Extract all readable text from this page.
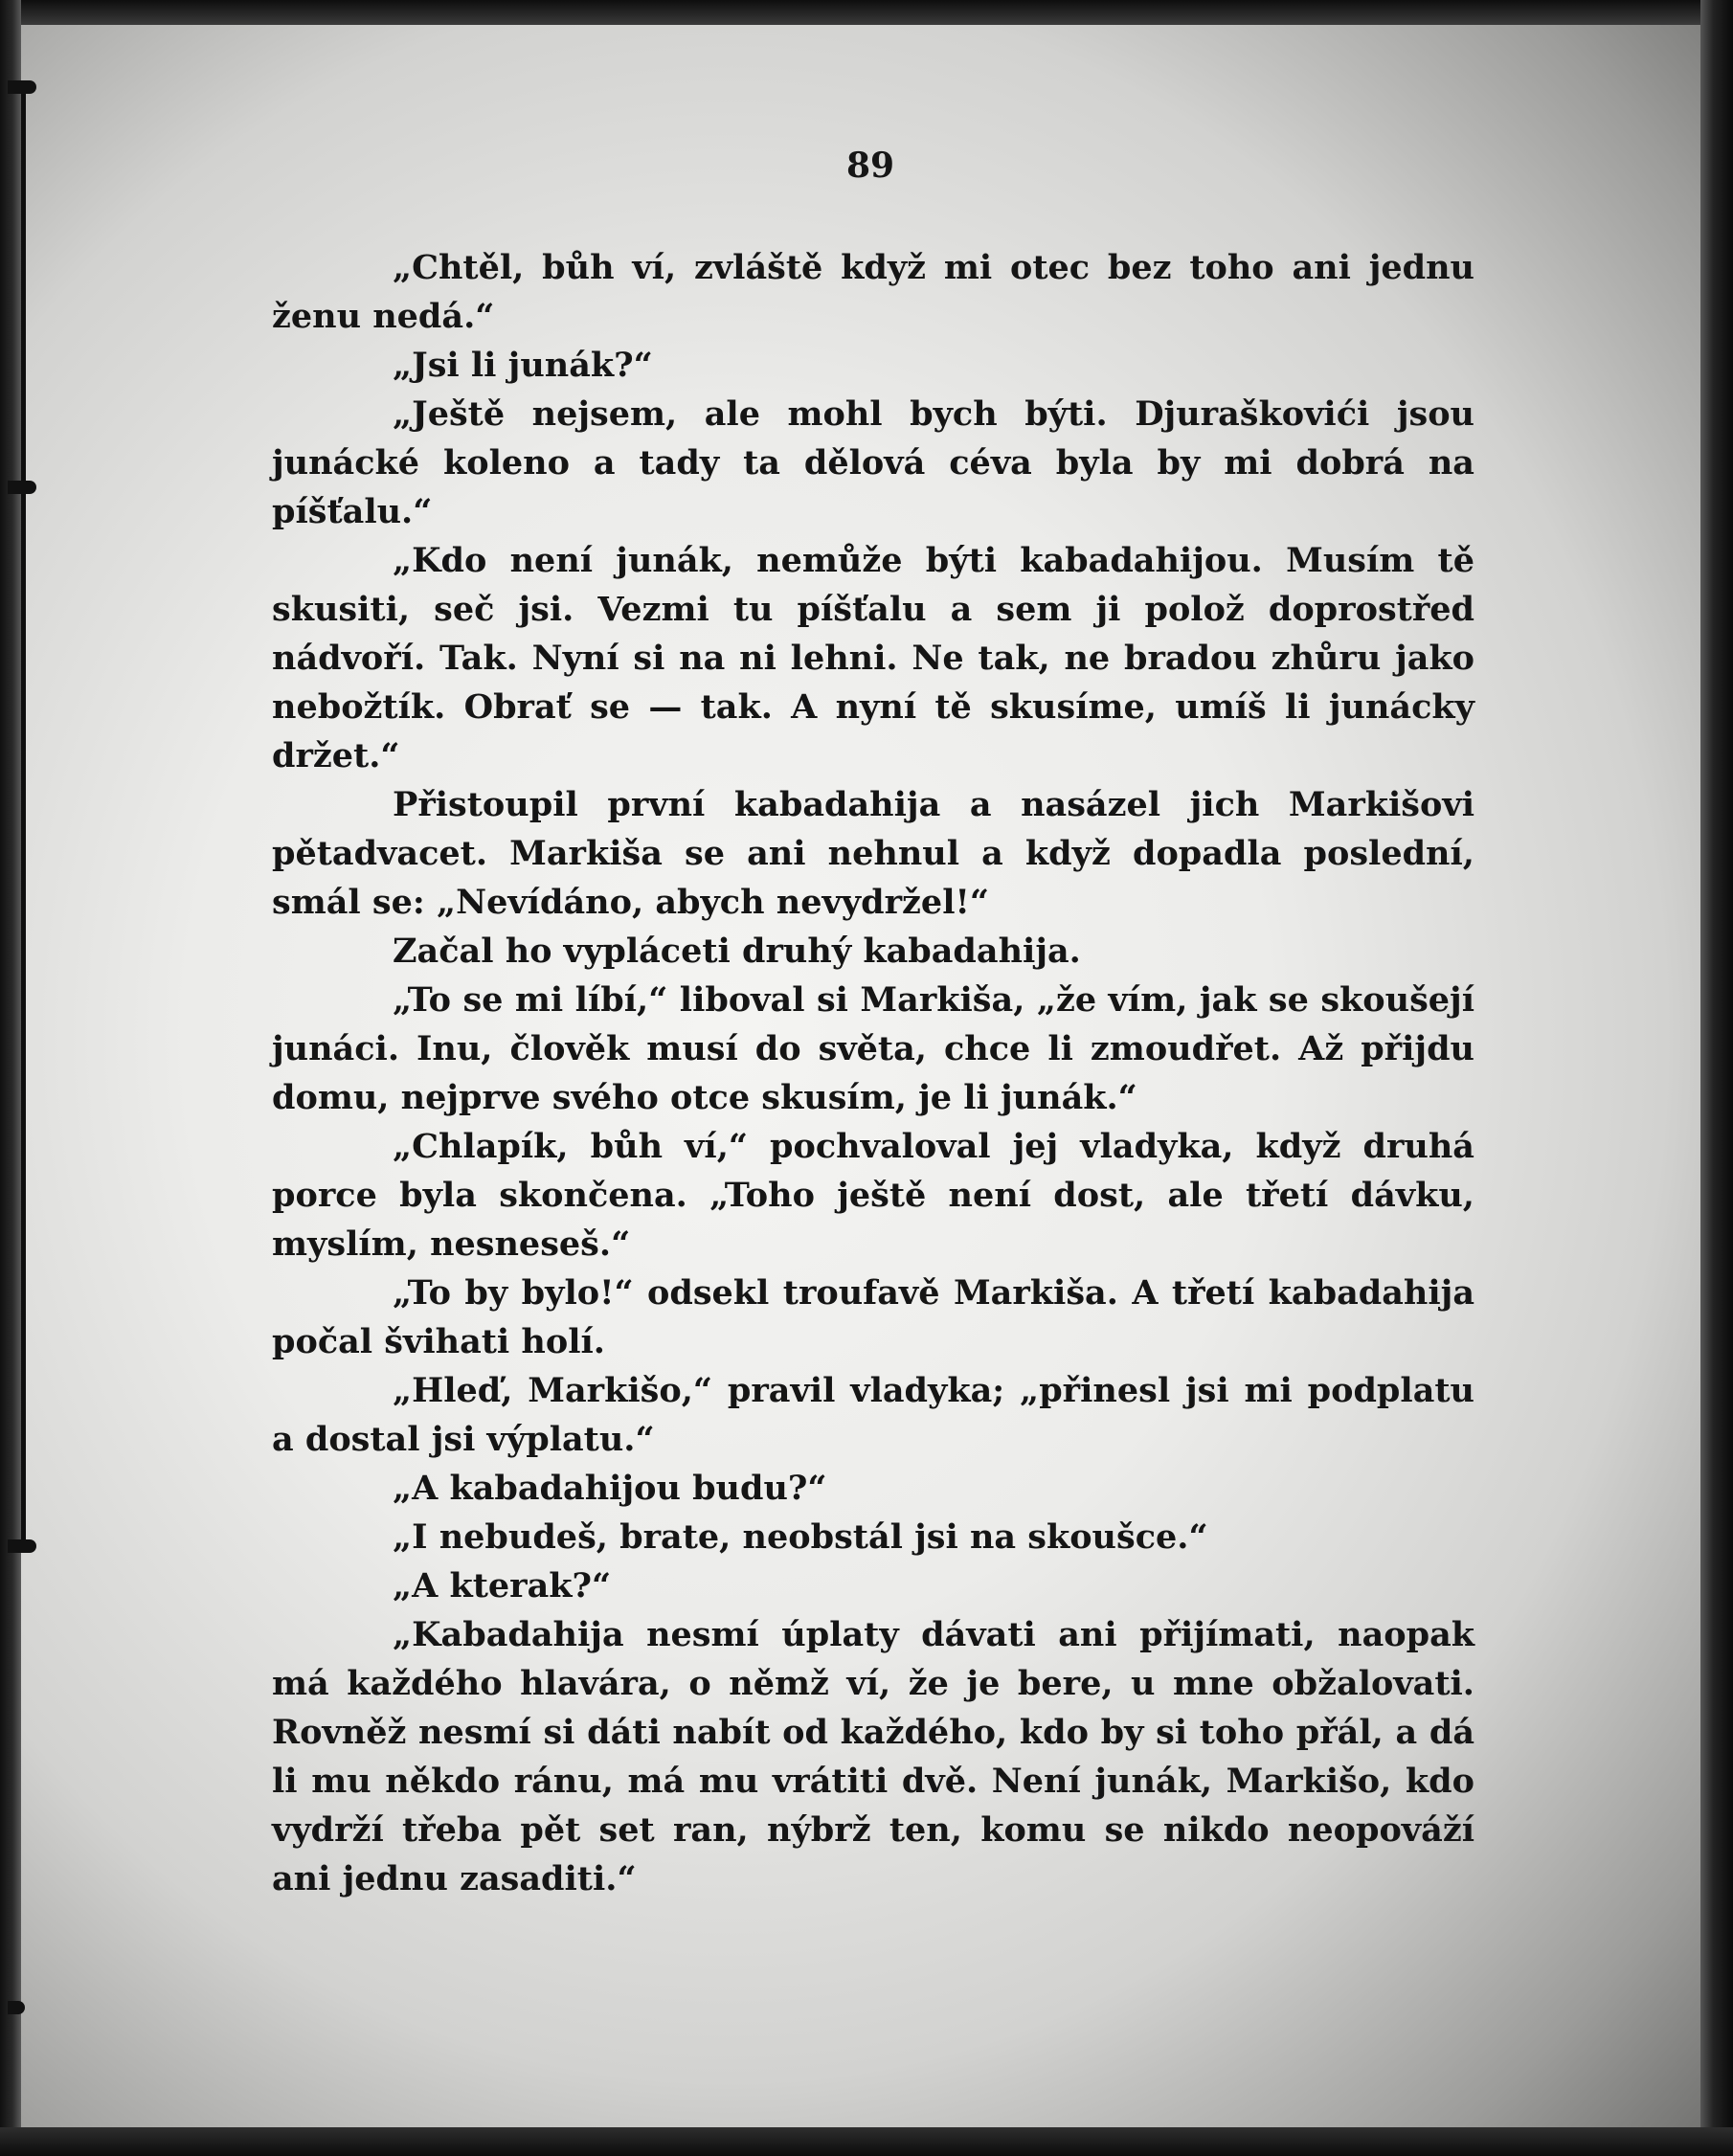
89

„Chtěl, bůh ví, zvláště když mi otec bez toho ani jednu ženu nedá.“

„Jsi li junák?“

„Ještě nejsem, ale mohl bych býti. Djuraškovići jsou junácké koleno a tady ta dělová céva byla by mi dobrá na píšťalu.“

„Kdo není junák, nemůže býti kabadahijou. Musím tě skusiti, seč jsi. Vezmi tu píšťalu a sem ji polož doprostřed nádvoří. Tak. Nyní si na ni lehni. Ne tak, ne bradou zhůru jako nebožtík. Obrať se — tak. A nyní tě skusíme, umíš li junácky držet.“

Přistoupil první kabadahija a nasázel jich Markišovi pětadvacet. Markiša se ani nehnul a když dopadla poslední, smál se: „Nevídáno, abych nevydržel!“

Začal ho vypláceti druhý kabadahija.

„To se mi líbí,“ liboval si Markiša, „že vím, jak se skoušejí junáci. Inu, člověk musí do světa, chce li zmoudřet. Až přijdu domu, nejprve svého otce skusím, je li junák.“

„Chlapík, bůh ví,“ pochvaloval jej vladyka, když druhá porce byla skončena. „Toho ještě není dost, ale třetí dávku, myslím, nesneseš.“

„To by bylo!“ odsekl troufavě Markiša. A třetí kabadahija počal švihati holí.

„Hleď, Markišo,“ pravil vladyka; „přinesl jsi mi podplatu a dostal jsi výplatu.“

„A kabadahijou budu?“

„I nebudeš, brate, neobstál jsi na skoušce.“

„A kterak?“

„Kabadahija nesmí úplaty dávati ani přijímati, naopak má každého hlavára, o němž ví, že je bere, u mne obžalovati. Rovněž nesmí si dáti nabít od každého, kdo by si toho přál, a dá li mu někdo ránu, má mu vrátiti dvě. Není junák, Markišo, kdo vydrží třeba pět set ran, nýbrž ten, komu se nikdo neopováží ani jednu zasaditi.“
